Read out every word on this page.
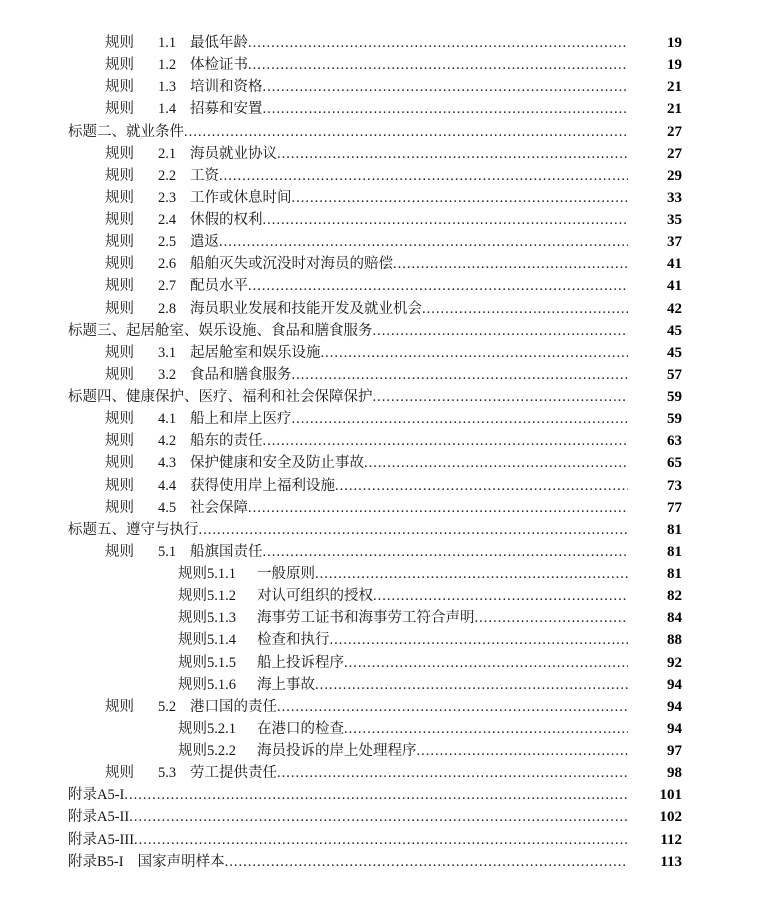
规则	1.1 最低年龄 .....	19
规则	1.2 体检证书 .....	19
规则	1.3 培训和资格 .....	21
规则	1.4 招募和安置 .....	21
标题二、 就业条件 .....	27
规则	2.1 海员就业协议 .....	27
规则	2.2 工资 .....	29
规则	2.3 工作或休息时间 .....	33
规则	2.4 休假的权利 .....	35
规则	2.5 遣返 .....	37
规则	2.6 船舶灭失或沉没时对海员的赔偿 .....	41
规则	2.7 配员水平 .....	41
规则	2.8 海员职业发展和技能开发及就业机会 .....	42
标题三、 起居舱室、娱乐设施、食品和膳食服务 .....	45
规则	3.1 起居舱室和娱乐设施 .....	45
规则	3.2 食品和膳食服务 .....	57
标题四、 健康保护、医疗、福利和社会保障保护 .....	59
规则	4.1 船上和岸上医疗 .....	59
规则	4.2 船东的责任 .....	63
规则	4.3 保护健康和安全及防止事故 .....	65
规则	4.4 获得使用岸上福利设施 .....	73
规则	4.5 社会保障 .....	77
标题五、 遵守与执行 .....	81
规则	5.1 船旗国责任 .....	81
规则5.1.1	一般原则 .....	81
规则5.1.2	对认可组织的授权 .....	82
规则5.1.3	海事劳工证书和海事劳工符合声明 .....	84
规则5.1.4	检查和执行 .....	88
规则5.1.5	船上投诉程序 .....	92
规则5.1.6	海上事故 .....	94
规则	5.2 港口国的责任 .....	94
规则5.2.1	在港口的检查 .....	94
规则5.2.2	海员投诉的岸上处理程序 .....	97
规则	5.3 劳工提供责任 .....	98
附录A5-I .....	101
附录A5-II .....	102
附录A5-III .....	112
附录B5-I 国家声明样本 .....	113
